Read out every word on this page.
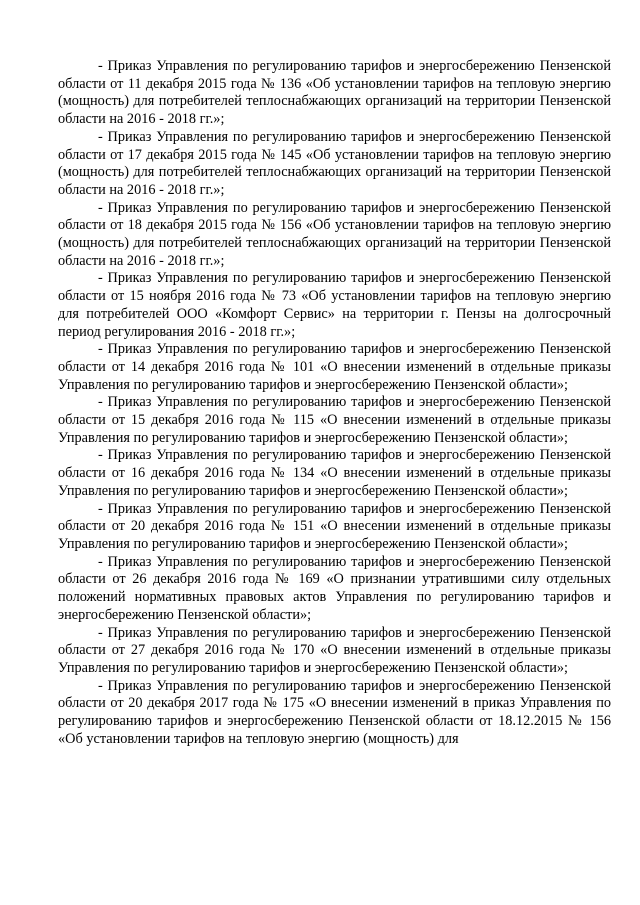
- Приказ Управления по регулированию тарифов и энергосбережению Пензенской области от 11 декабря 2015 года № 136 «Об установлении тарифов на тепловую энергию (мощность) для потребителей теплоснабжающих организаций на территории Пензенской области на 2016 - 2018 гг.»;

- Приказ Управления по регулированию тарифов и энергосбережению Пензенской области от 17 декабря 2015 года № 145 «Об установлении тарифов на тепловую энергию (мощность) для потребителей теплоснабжающих организаций на территории Пензенской области на 2016 - 2018 гг.»;

- Приказ Управления по регулированию тарифов и энергосбережению Пензенской области от 18 декабря 2015 года № 156 «Об установлении тарифов на тепловую энергию (мощность) для потребителей теплоснабжающих организаций на территории Пензенской области на 2016 - 2018 гг.»;

- Приказ Управления по регулированию тарифов и энергосбережению Пензенской области от 15 ноября 2016 года № 73 «Об установлении тарифов на тепловую энергию для потребителей ООО «Комфорт Сервис» на территории г. Пензы на долгосрочный период регулирования 2016 - 2018 гг.»;

- Приказ Управления по регулированию тарифов и энергосбережению Пензенской области от 14 декабря 2016 года № 101 «О внесении изменений в отдельные приказы Управления по регулированию тарифов и энергосбережению Пензенской области»;

- Приказ Управления по регулированию тарифов и энергосбережению Пензенской области от 15 декабря 2016 года № 115 «О внесении изменений в отдельные приказы Управления по регулированию тарифов и энергосбережению Пензенской области»;

- Приказ Управления по регулированию тарифов и энергосбережению Пензенской области от 16 декабря 2016 года № 134 «О внесении изменений в отдельные приказы Управления по регулированию тарифов и энергосбережению Пензенской области»;

- Приказ Управления по регулированию тарифов и энергосбережению Пензенской области от 20 декабря 2016 года № 151 «О внесении изменений в отдельные приказы Управления по регулированию тарифов и энергосбережению Пензенской области»;

- Приказ Управления по регулированию тарифов и энергосбережению Пензенской области от 26 декабря 2016 года № 169 «О признании утратившими силу отдельных положений нормативных правовых актов Управления по регулированию тарифов и энергосбережению Пензенской области»;

- Приказ Управления по регулированию тарифов и энергосбережению Пензенской области от 27 декабря 2016 года № 170 «О внесении изменений в отдельные приказы Управления по регулированию тарифов и энергосбережению Пензенской области»;

- Приказ Управления по регулированию тарифов и энергосбережению Пензенской области от 20 декабря 2017 года № 175 «О внесении изменений в приказ Управления по регулированию тарифов и энергосбережению Пензенской области от 18.12.2015 № 156 «Об установлении тарифов на тепловую энергию (мощность) для
